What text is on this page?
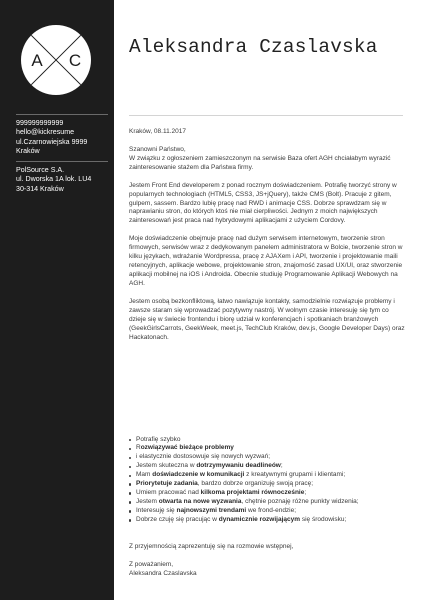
A C
999999999999
hello@kickresume
ul.Czarnowiejska 9999
Kraków
PolSource S.A.
ul. Dworska 1A lok. LU4
30-314 Kraków
Aleksandra Czaslavska

Kraków, 08.11.2017

Szanowni Państwo,
W związku z ogłoszeniem zamieszczonym na serwisie Baza ofert AGH chciałabym wyrazić zainteresowanie stażem dla Państwa firmy.

Jestem Front End developerem z ponad rocznym doświadczeniem. Potrafię tworzyć strony w popularnych technologiach (HTML5, CSS3, JS+jQuery), także CMS (Bolt). Pracuje z gitem, gulpem, sassem. Bardzo lubię pracę nad RWD i animacje CSS. Dobrze sprawdzam się w naprawianiu stron, do których ktoś nie miał cierpliwości. Jednym z moich największych zainteresowań jest praca nad hybrydowymi aplikacjami z użyciem Cordovy.

Moje doświadczenie obejmuje pracę nad dużym serwisem internetowym, tworzenie stron firmowych, serwisów wraz z dedykowanym panelem administratora w Bolcie, tworzenie stron w kilku językach, wdrażanie Wordpressa, pracę z AJAXem i API, tworzenie i projektowanie maili retencyjnych, aplikacje webowe, projektowanie stron, znajomość zasad UX/UI, oraz stworzenie aplikacji mobilnej na iOS i Androida. Obecnie studiuję Programowanie Aplikacji Webowych na AGH.

Jestem osobą bezkonfliktową, łatwo nawiązuje kontakty, samodzielnie rozwiązuje problemy i zawsze staram się wprowadzać pozytywny nastrój. W wolnym czasie interesuję się tym co dzieje się w świecie frontendu i biorę udział w konferencjach i spotkaniach branżowych (GeekGirlsCarrots, GeekWeek, meet.js, TechClub Kraków, dev.js, Google Developer Days) oraz Hackatonach.

Potrafię szybko
Rozwiązywać bieżące problemy
i elastycznie dostosowuje się nowych wyzwań;
Jestem skuteczna w dotrzymywaniu deadlineów;
Mam doświadczenie w komunikacji z kreatywnymi grupami i klientami;
Priorytetuje zadania, bardzo dobrze organizuję swoją pracę;
Umiem pracować nad kilkoma projektami równocześnie;
Jestem otwarta na nowe wyzwania, chętnie poznaję różne punkty widzenia;
Interesuję się najnowszymi trendami we frond-endzie;
Dobrze czuję się pracując w dynamicznie rozwijającym się środowisku;

Z przyjemnością zaprezentuję się na rozmowie wstępnej,

Z poważaniem,
Aleksandra Czaslavska
